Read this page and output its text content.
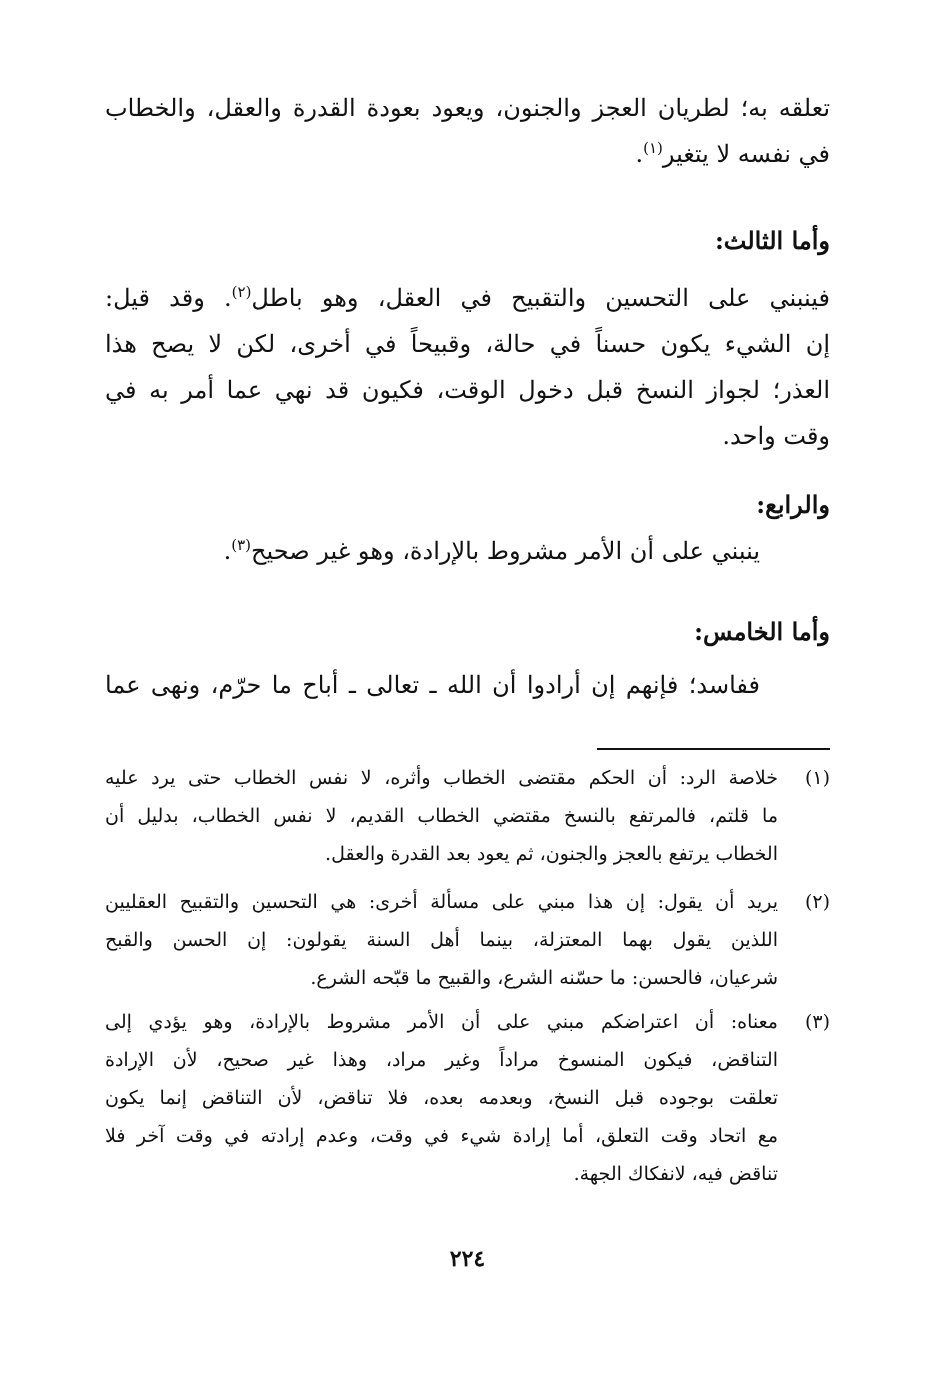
تعلقه به؛ لطريان العجز والجنون، ويعود بعودة القدرة والعقل، والخطاب
في نفسه لا يتغير$^{(١)}$.
وأما الثالث:
فينبني على التحسين والتقبيح في العقل، وهو باطل$^{(٢)}$. وقد قيل:
إن الشيء يكون حسناً في حالة، وقبيحاً في أخرى، لكن لا يصح هذا
العذر؛ لجواز النسخ قبل دخول الوقت، فكيون قد نهي عما أمر به في
وقت واحد.
والرابع:
ينبني على أن الأمر مشروط بالإرادة، وهو غير صحيح$^{(٣)}$.
وأما الخامس:
ففاسد؛ فإنهم إن أرادوا أن الله ـ تعالى ـ أباح ما حرّم، ونهى عما
(١)
خلاصة الرد: أن الحكم مقتضى الخطاب وأثره، لا نفس الخطاب حتى يرد عليه
ما قلتم، فالمرتفع بالنسخ مقتضي الخطاب القديم، لا نفس الخطاب، بدليل أن
الخطاب يرتفع بالعجز والجنون، ثم يعود بعد القدرة والعقل.
(٢)
يريد أن يقول: إن هذا مبني على مسألة أخرى: هي التحسين والتقبيح العقليين
اللذين يقول بهما المعتزلة، بينما أهل السنة يقولون: إن الحسن والقبح
شرعيان، فالحسن: ما حسّنه الشرع، والقبيح ما قبّحه الشرع.
(٣)
معناه: أن اعتراضكم مبني على أن الأمر مشروط بالإرادة، وهو يؤدي إلى
التناقض، فيكون المنسوخ مراداً وغير مراد، وهذا غير صحيح، لأن الإرادة
تعلقت بوجوده قبل النسخ، وبعدمه بعده، فلا تناقض، لأن التناقض إنما يكون
مع اتحاد وقت التعلق، أما إرادة شيء في وقت، وعدم إرادته في وقت آخر فلا
تناقض فيه، لانفكاك الجهة.
٢٢٤
